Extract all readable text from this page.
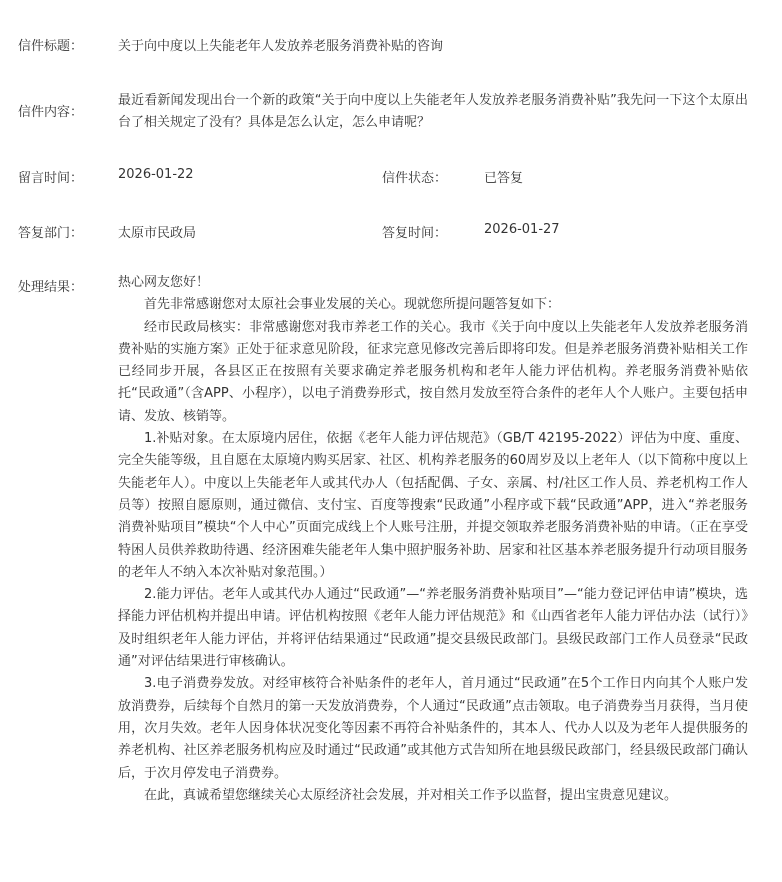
信件标题：	关于向中度以上失能老年人发放养老服务消费补贴的咨询
信件内容：

最近看新闻发现出台一个新的政策“关于向中度以上失能老年人发放养老服务消费补贴”我先问一下这个太原出台了相关规定了没有？具体是怎么认定，怎么申请呢？

留言时间：	2026-01-22	信件状态：	已答复
答复部门：	太原市民政局	答复时间：	2026-01-27
处理结果：	热心网友您好！

首先非常感谢您对太原社会事业发展的关心。现就您所提问题答复如下：

经市民政局核实：非常感谢您对我市养老工作的关心。我市《关于向中度以上失能老年人发放养老服务消费补贴的实施方案》正处于征求意见阶段，征求完意见修改完善后即将印发。但是养老服务消费补贴相关工作已经同步开展，各县区正在按照有关要求确定养老服务机构和老年人能力评估机构。养老服务消费补贴依托“民政通”（含APP、小程序），以电子消费券形式，按自然月发放至符合条件的老年人个人账户。主要包括申请、发放、核销等。

1.补贴对象。在太原境内居住，依据《老年人能力评估规范》（GB/T 42195-2022）评估为中度、重度、完全失能等级，且自愿在太原境内购买居家、社区、机构养老服务的60周岁及以上老年人（以下简称中度以上失能老年人）。中度以上失能老年人或其代办人（包括配偶、子女、亲属、村/社区工作人员、养老机构工作人员等）按照自愿原则，通过微信、支付宝、百度等搜索“民政通”小程序或下载“民政通”APP，进入“养老服务消费补贴项目”模块“个人中心”页面完成线上个人账号注册，并提交领取养老服务消费补贴的申请。（正在享受特困人员供养救助待遇、经济困难失能老年人集中照护服务补助、居家和社区基本养老服务提升行动项目服务的老年人不纳入本次补贴对象范围。）

2.能力评估。老年人或其代办人通过“民政通”—“养老服务消费补贴项目”—“能力登记评估申请”模块，选择能力评估机构并提出申请。评估机构按照《老年人能力评估规范》和《山西省老年人能力评估办法（试行）》及时组织老年人能力评估，并将评估结果通过“民政通”提交县级民政部门。县级民政部门工作人员登录“民政通”对评估结果进行审核确认。

3.电子消费券发放。对经审核符合补贴条件的老年人，首月通过“民政通”在5个工作日内向其个人账户发放消费券，后续每个自然月的第一天发放消费券，个人通过“民政通”点击领取。电子消费券当月获得，当月使用，次月失效。老年人因身体状况变化等因素不再符合补贴条件的，其本人、代办人以及为老年人提供服务的养老机构、社区养老服务机构应及时通过“民政通”或其他方式告知所在地县级民政部门，经县级民政部门确认后，于次月停发电子消费券。

在此，真诚希望您继续关心太原经济社会发展，并对相关工作予以监督，提出宝贵意见建议。
